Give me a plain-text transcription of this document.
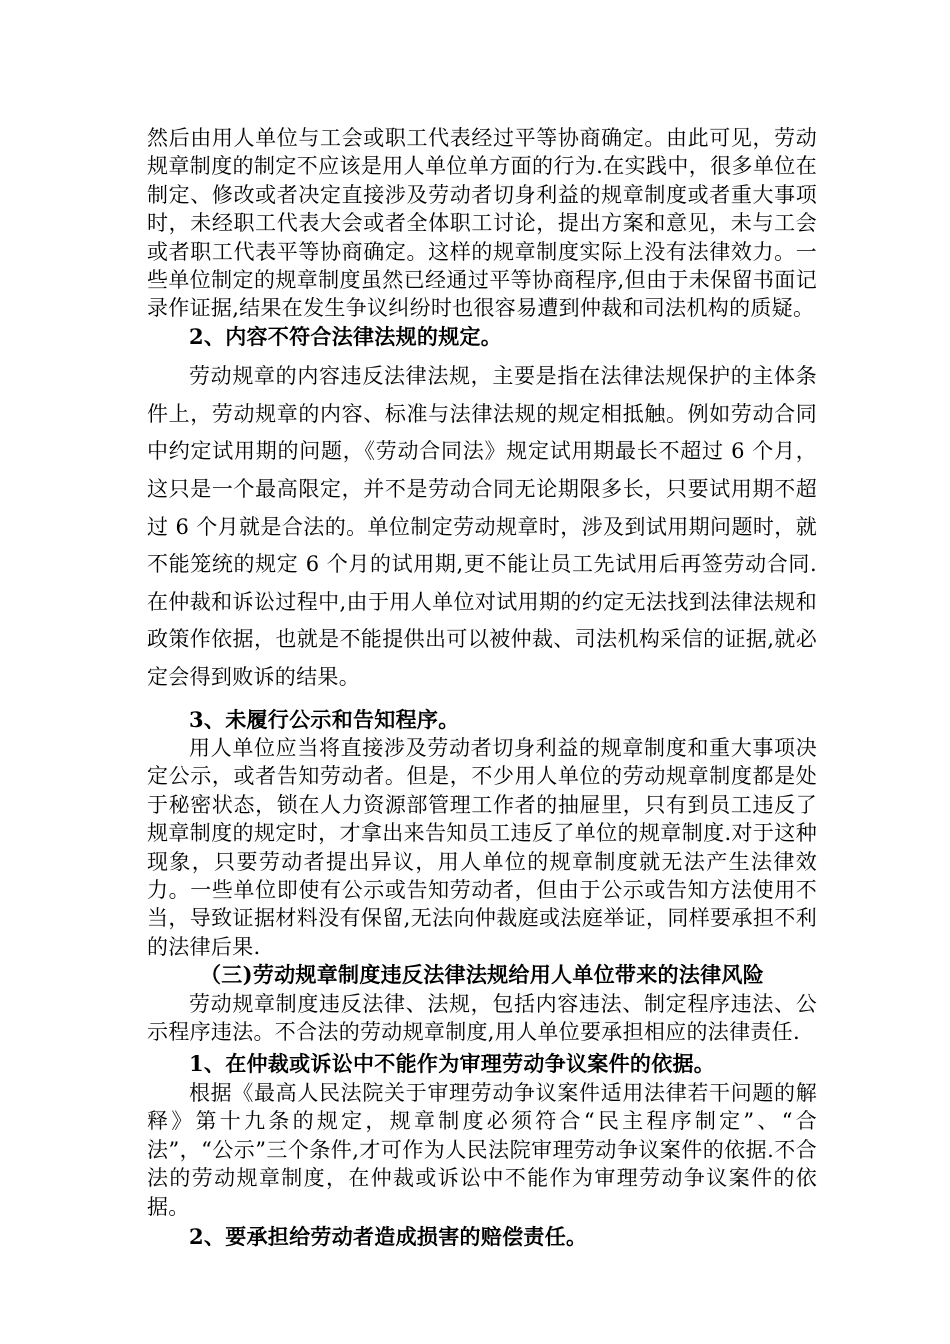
然后由用人单位与工会或职工代表经过平等协商确定。由此可见，劳动规章制度的制定不应该是用人单位单方面的行为.在实践中，很多单位在制定、修改或者决定直接涉及劳动者切身利益的规章制度或者重大事项时，未经职工代表大会或者全体职工讨论，提出方案和意见，未与工会或者职工代表平等协商确定。这样的规章制度实际上没有法律效力。一些单位制定的规章制度虽然已经通过平等协商程序,但由于未保留书面记录作证据,结果在发生争议纠纷时也很容易遭到仲裁和司法机构的质疑。

2、内容不符合法律法规的规定。

劳动规章的内容违反法律法规，主要是指在法律法规保护的主体条件上，劳动规章的内容、标准与法律法规的规定相抵触。例如劳动合同中约定试用期的问题，《劳动合同法》规定试用期最长不超过 6 个月，这只是一个最高限定，并不是劳动合同无论期限多长，只要试用期不超过 6 个月就是合法的。单位制定劳动规章时，涉及到试用期问题时，就不能笼统的规定 6 个月的试用期,更不能让员工先试用后再签劳动合同.在仲裁和诉讼过程中,由于用人单位对试用期的约定无法找到法律法规和政策作依据，也就是不能提供出可以被仲裁、司法机构采信的证据,就必定会得到败诉的结果。

3、未履行公示和告知程序。

用人单位应当将直接涉及劳动者切身利益的规章制度和重大事项决定公示，或者告知劳动者。但是，不少用人单位的劳动规章制度都是处于秘密状态，锁在人力资源部管理工作者的抽屉里，只有到员工违反了规章制度的规定时，才拿出来告知员工违反了单位的规章制度.对于这种现象，只要劳动者提出异议，用人单位的规章制度就无法产生法律效力。一些单位即使有公示或告知劳动者，但由于公示或告知方法使用不当，导致证据材料没有保留,无法向仲裁庭或法庭举证，同样要承担不利的法律后果.

（三)劳动规章制度违反法律法规给用人单位带来的法律风险

劳动规章制度违反法律、法规，包括内容违法、制定程序违法、公示程序违法。不合法的劳动规章制度,用人单位要承担相应的法律责任.

1、在仲裁或诉讼中不能作为审理劳动争议案件的依据。

根据《最高人民法院关于审理劳动争议案件适用法律若干问题的解释》第十九条的规定，规章制度必须符合“民主程序制定”、“合法”，“公示”三个条件,才可作为人民法院审理劳动争议案件的依据.不合法的劳动规章制度，在仲裁或诉讼中不能作为审理劳动争议案件的依据。

2、要承担给劳动者造成损害的赔偿责任。
